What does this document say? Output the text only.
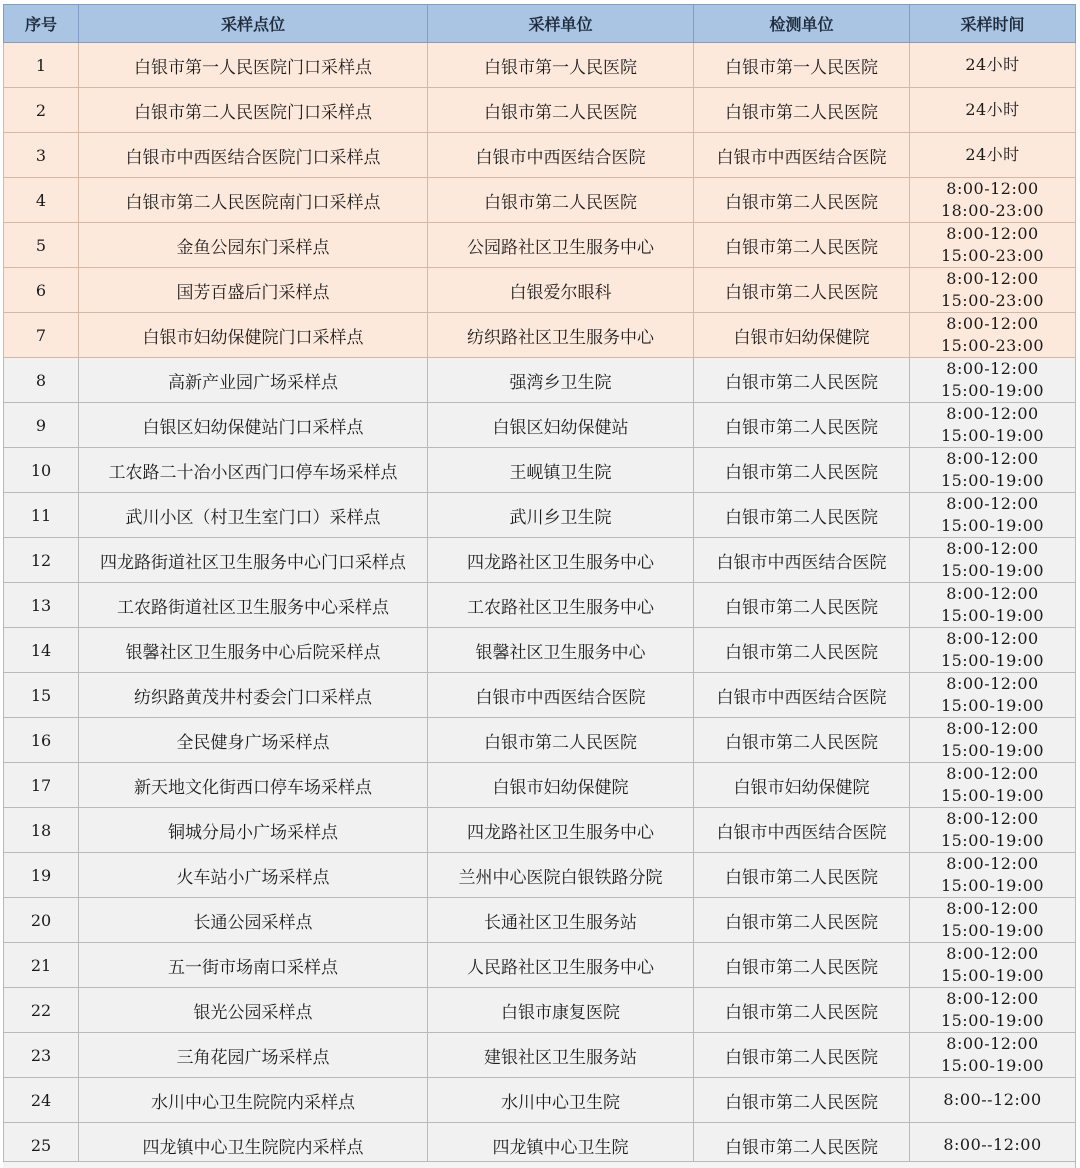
序号	采样点位	采样单位	检测单位	采样时间
1	白银市第一人民医院门口采样点	白银市第一人民医院	白银市第一人民医院	24小时

2	白银市第二人民医院门口采样点	白银市第二人民医院	白银市第二人民医院	24小时

3	白银市中西医结合医院门口采样点	白银市中西医结合医院	白银市中西医结合医院	24小时

4	白银市第二人民医院南门口采样点	白银市第二人民医院	白银市第二人民医院	8:00-12:00
18:00-23:00

5	金鱼公园东门采样点	公园路社区卫生服务中心	白银市第二人民医院	8:00-12:00
15:00-23:00

6	国芳百盛后门采样点	白银爱尔眼科	白银市第二人民医院	8:00-12:00
15:00-23:00

7	白银市妇幼保健院门口采样点	纺织路社区卫生服务中心	白银市妇幼保健院	8:00-12:00
15:00-23:00

8	高新产业园广场采样点	强湾乡卫生院	白银市第二人民医院	8:00-12:00
15:00-19:00

9	白银区妇幼保健站门口采样点	白银区妇幼保健站	白银市第二人民医院	8:00-12:00
15:00-19:00

10	工农路二十冶小区西门口停车场采样点	王岘镇卫生院	白银市第二人民医院	8:00-12:00
15:00-19:00

11	武川小区（村卫生室门口）采样点	武川乡卫生院	白银市第二人民医院	8:00-12:00
15:00-19:00

12	四龙路街道社区卫生服务中心门口采样点	四龙路社区卫生服务中心	白银市中西医结合医院	8:00-12:00
15:00-19:00

13	工农路街道社区卫生服务中心采样点	工农路社区卫生服务中心	白银市第二人民医院	8:00-12:00
15:00-19:00

14	银馨社区卫生服务中心后院采样点	银馨社区卫生服务中心	白银市第二人民医院	8:00-12:00
15:00-19:00

15	纺织路黄茂井村委会门口采样点	白银市中西医结合医院	白银市中西医结合医院	8:00-12:00
15:00-19:00

16	全民健身广场采样点	白银市第二人民医院	白银市第二人民医院	8:00-12:00
15:00-19:00

17	新天地文化街西口停车场采样点	白银市妇幼保健院	白银市妇幼保健院	8:00-12:00
15:00-19:00

18	铜城分局小广场采样点	四龙路社区卫生服务中心	白银市中西医结合医院	8:00-12:00
15:00-19:00

19	火车站小广场采样点	兰州中心医院白银铁路分院	白银市第二人民医院	8:00-12:00
15:00-19:00

20	长通公园采样点	长通社区卫生服务站	白银市第二人民医院	8:00-12:00
15:00-19:00

21	五一街市场南口采样点	人民路社区卫生服务中心	白银市第二人民医院	8:00-12:00
15:00-19:00

22	银光公园采样点	白银市康复医院	白银市第二人民医院	8:00-12:00
15:00-19:00

23	三角花园广场采样点	建银社区卫生服务站	白银市第二人民医院	8:00-12:00
15:00-19:00

24	水川中心卫生院院内采样点	水川中心卫生院	白银市第二人民医院	8:00--12:00

25	四龙镇中心卫生院院内采样点	四龙镇中心卫生院	白银市第二人民医院	8:00--12:00
